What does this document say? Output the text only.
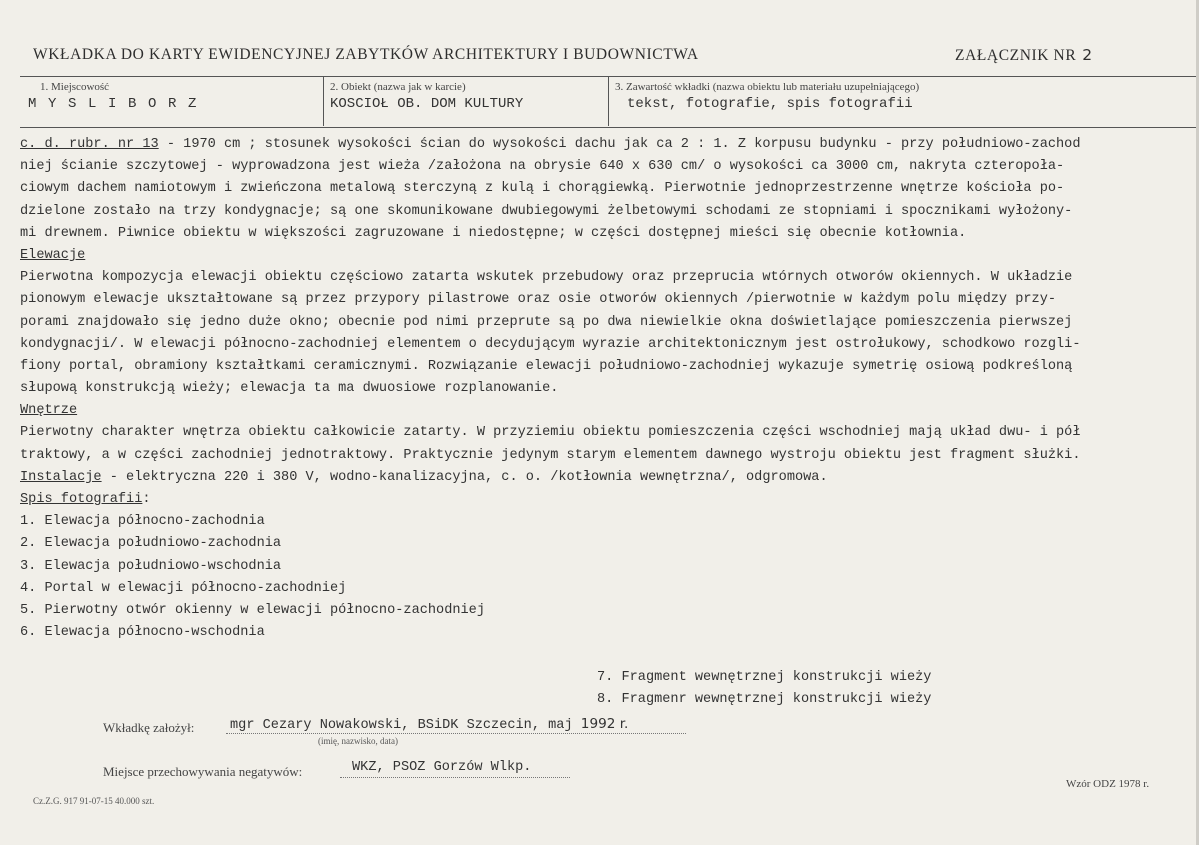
WKŁADKA DO KARTY EWIDENCYJNEJ ZABYTKÓW ARCHITEKTURY I BUDOWNICTWA	ZAŁĄCZNIK NR 2
1. Miejscowość
M Y S L I B O R Z
2. Obiekt (nazwa jak w karcie)
KOSCIOŁ OB. DOM KULTURY
3. Zawartość wkładki (nazwa obiektu lub materiału uzupełniającego)
tekst, fotografie, spis fotografii
c. d. rubr. nr 13 - 1970 cm ; stosunek wysokości ścian do wysokości dachu jak ca 2 : 1. Z korpusu budynku - przy południowo-zachod
niej ścianie szczytowej - wyprowadzona jest wieża /założona na obrysie 640 x 630 cm/ o wysokości ca 3000 cm, nakryta czteropoła-
ciowym dachem namiotowym i zwieńczona metalową sterczyną z kulą i chorągiewką. Pierwotnie jednoprzestrzenne wnętrze kościoła po-
dzielone zostało na trzy kondygnacje; są one skomunikowane dwubiegowymi żelbetowymi schodami ze stopniami i spocznikami wyłożony-
mi drewnem. Piwnice obiektu w większości zagruzowane i niedostępne; w części dostępnej mieści się obecnie kotłownia.
Elewacje
Pierwotna kompozycja elewacji obiektu częściowo zatarta wskutek przebudowy oraz przeprucia wtórnych otworów okiennych. W układzie
pionowym elewacje ukształtowane są przez przypory pilastrowe oraz osie otworów okiennych /pierwotnie w każdym polu między przy-
porami znajdowało się jedno duże okno; obecnie pod nimi przeprute są po dwa niewielkie okna doświetlające pomieszczenia pierwszej
kondygnacji/. W elewacji północno-zachodniej elementem o decydującym wyrazie architektonicznym jest ostrołukowy, schodkowo rozgli-
fiony portal, obramiony kształtkami ceramicznymi. Rozwiązanie elewacji południowo-zachodniej wykazuje symetrię osiową podkreśloną
słupową konstrukcją wieży; elewacja ta ma dwuosiowe rozplanowanie.
Wnętrze
Pierwotny charakter wnętrza obiektu całkowicie zatarty. W przyziemiu obiektu pomieszczenia części wschodniej mają układ dwu- i pół
traktowy, a w części zachodniej jednotraktowy. Praktycznie jedynym starym elementem dawnego wystroju obiektu jest fragment służki.
Instalacje - elektryczna 220 i 380 V, wodno-kanalizacyjna, c. o. /kotłownia wewnętrzna/, odgromowa.
Spis fotografii:
1. Elewacja północno-zachodnia
2. Elewacja południowo-zachodnia
3. Elewacja południowo-wschodnia
4. Portal w elewacji północno-zachodniej
5. Pierwotny otwór okienny w elewacji północno-zachodniej
6. Elewacja północno-wschodnia
7. Fragment wewnętrznej konstrukcji wieży
8. Fragmenr wewnętrznej konstrukcji wieży
Wkładkę założył:	mgr Cezary Nowakowski, BSiDK Szczecin, maj 1992 r.
(imię, nazwisko, data)
Miejsce przechowywania negatywów:	WKZ, PSOZ Gorzów Wlkp.
Cz.Z.G. 917 91-07-15 40.000 szt.
Wzór ODZ 1978 r.
